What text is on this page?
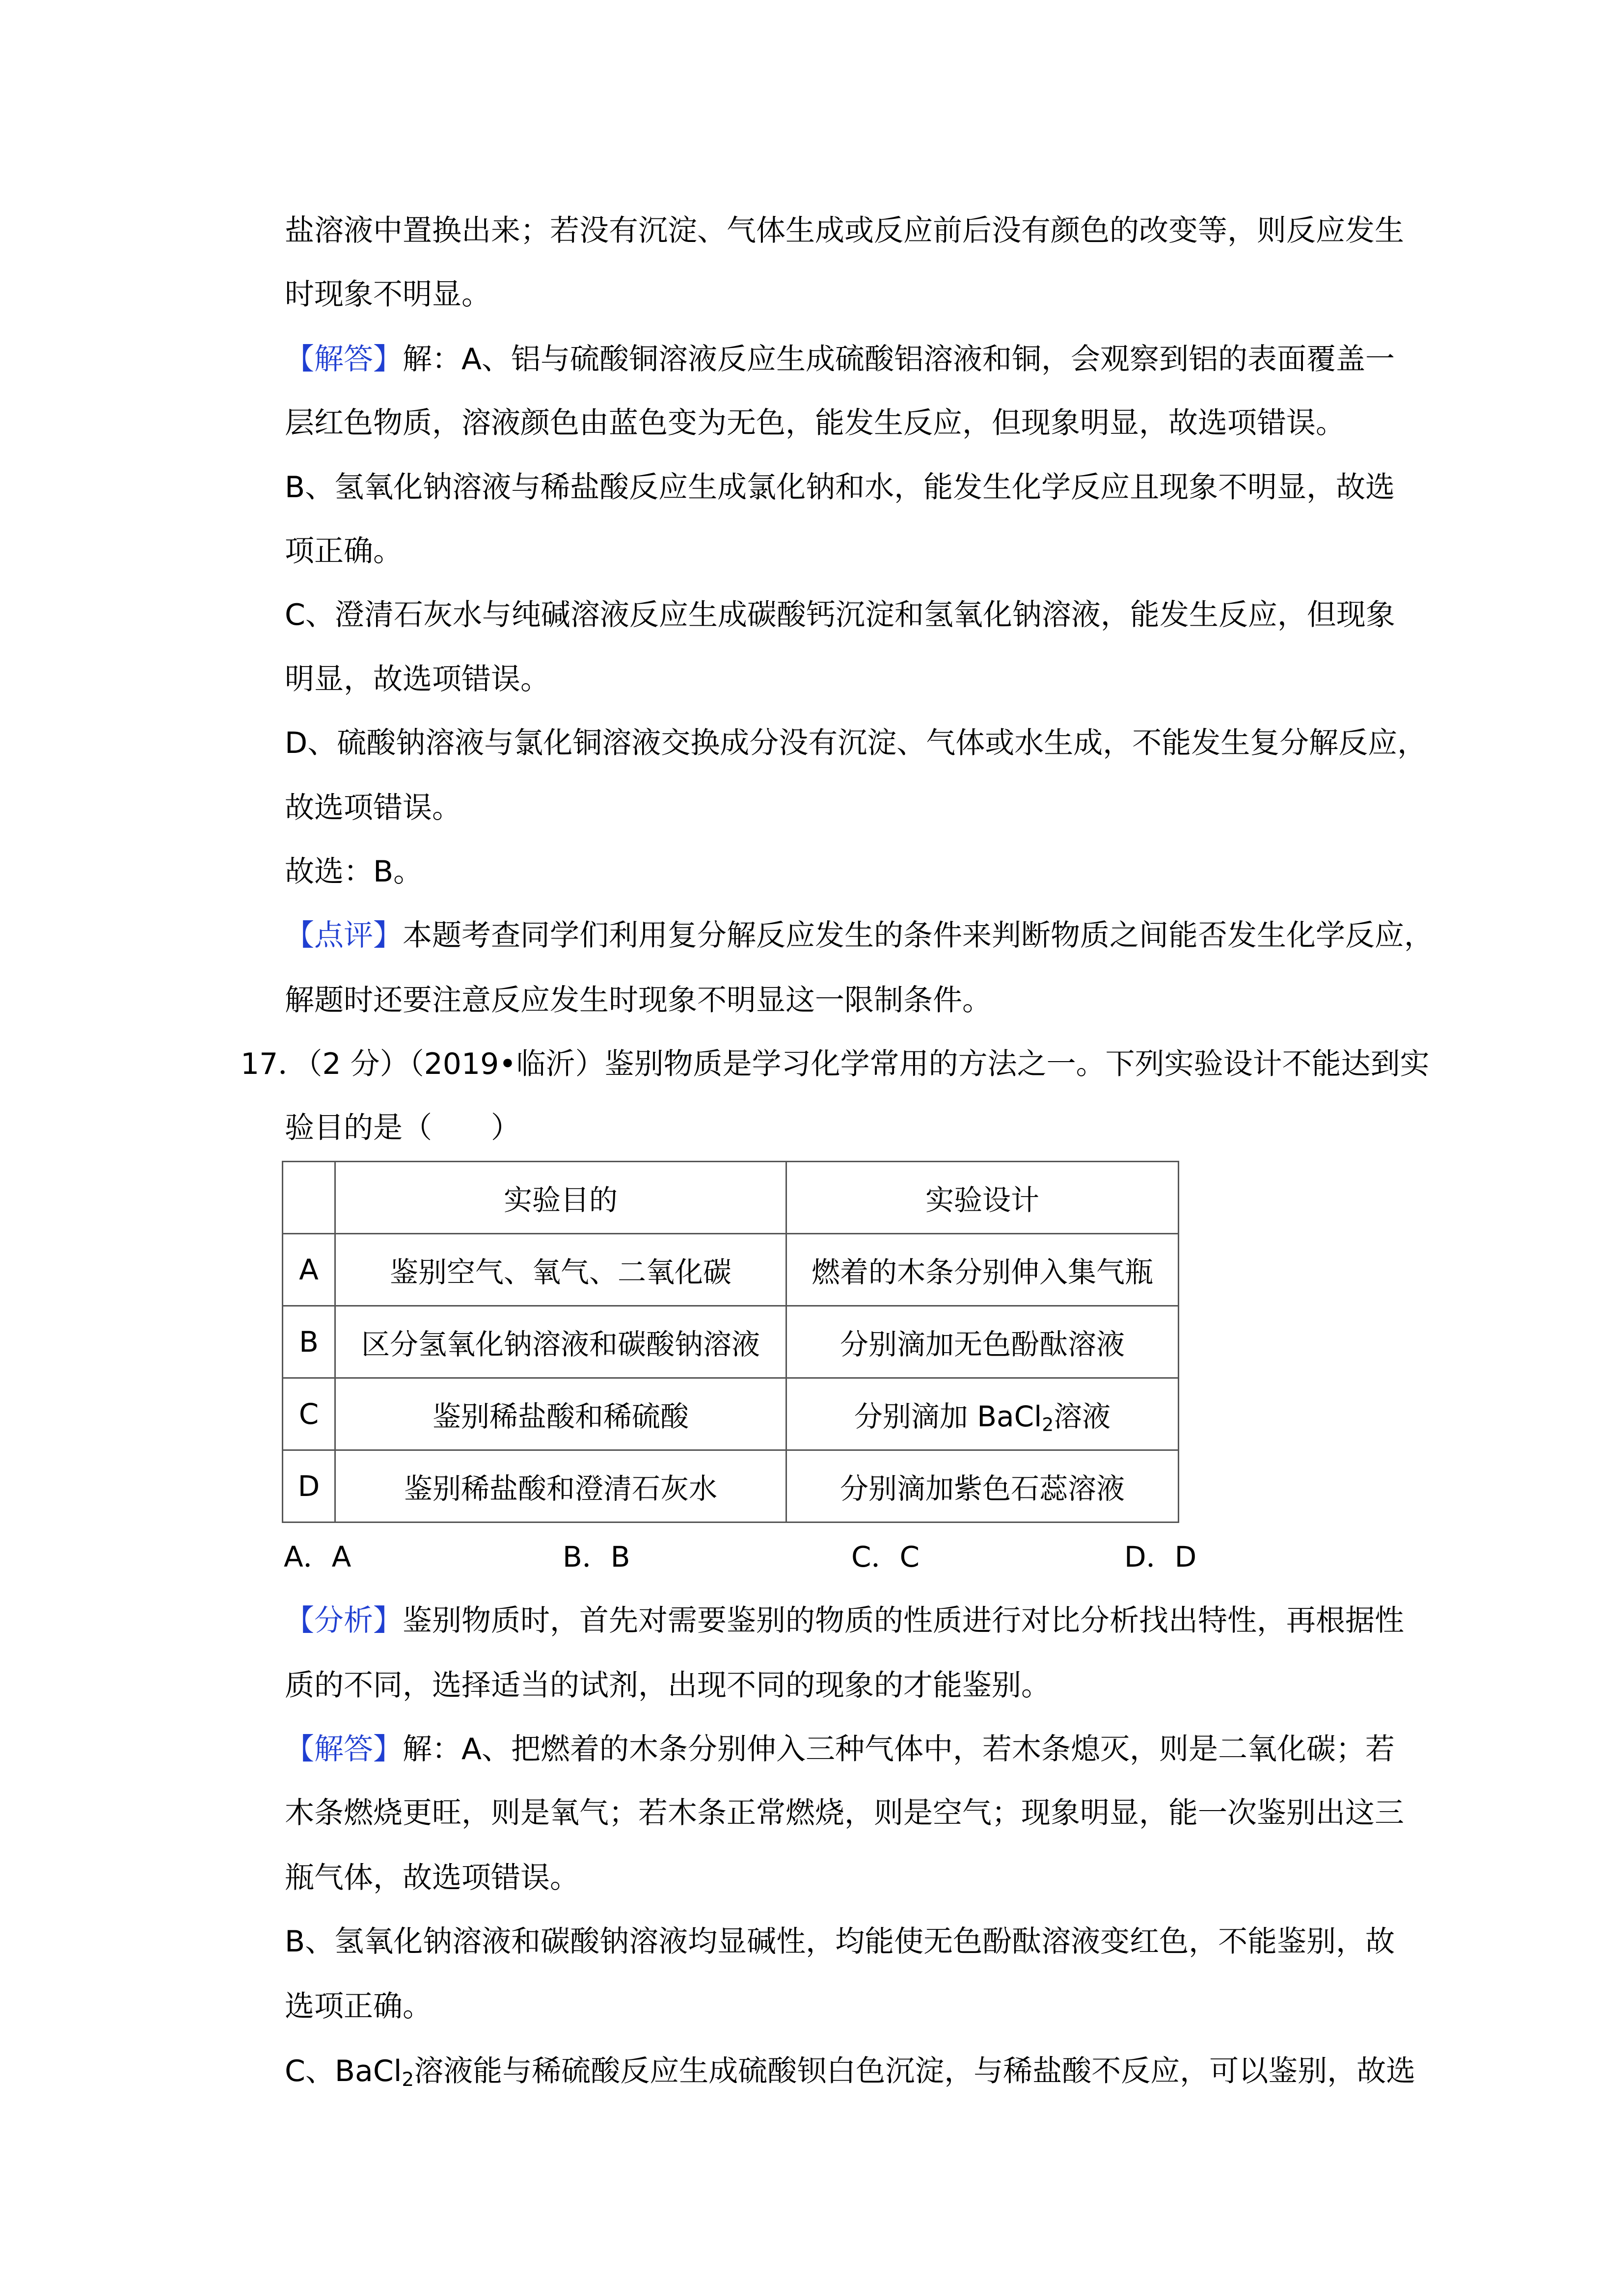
盐溶液中置换出来；若没有沉淀、气体生成或反应前后没有颜色的改变等，则反应发生
时现象不明显。
【解答】解：A、铝与硫酸铜溶液反应生成硫酸铝溶液和铜，会观察到铝的表面覆盖一
层红色物质，溶液颜色由蓝色变为无色，能发生反应，但现象明显，故选项错误。
B、氢氧化钠溶液与稀盐酸反应生成氯化钠和水，能发生化学反应且现象不明显，故选
项正确。
C、澄清石灰水与纯碱溶液反应生成碳酸钙沉淀和氢氧化钠溶液，能发生反应，但现象
明显，故选项错误。
D、硫酸钠溶液与氯化铜溶液交换成分没有沉淀、气体或水生成，不能发生复分解反应，
故选项错误。
故选：B。
【点评】本题考查同学们利用复分解反应发生的条件来判断物质之间能否发生化学反应，
解题时还要注意反应发生时现象不明显这一限制条件。
17．（2 分）（2019•临沂）鉴别物质是学习化学常用的方法之一。下列实验设计不能达到实
验目的是（　　）
	实验目的	实验设计
A	鉴别空气、氧气、二氧化碳	燃着的木条分别伸入集气瓶
B	区分氢氧化钠溶液和碳酸钠溶液	分别滴加无色酚酞溶液
C	鉴别稀盐酸和稀硫酸	分别滴加 BaCl$_2$溶液
D	鉴别稀盐酸和澄清石灰水	分别滴加紫色石蕊溶液
A．A	B．B	C．C	D．D
【分析】鉴别物质时，首先对需要鉴别的物质的性质进行对比分析找出特性，再根据性
质的不同，选择适当的试剂，出现不同的现象的才能鉴别。
【解答】解：A、把燃着的木条分别伸入三种气体中，若木条熄灭，则是二氧化碳；若
木条燃烧更旺，则是氧气；若木条正常燃烧，则是空气；现象明显，能一次鉴别出这三
瓶气体，故选项错误。
B、氢氧化钠溶液和碳酸钠溶液均显碱性，均能使无色酚酞溶液变红色，不能鉴别，故
选项正确。
C、BaCl$_2$溶液能与稀硫酸反应生成硫酸钡白色沉淀，与稀盐酸不反应，可以鉴别，故选
